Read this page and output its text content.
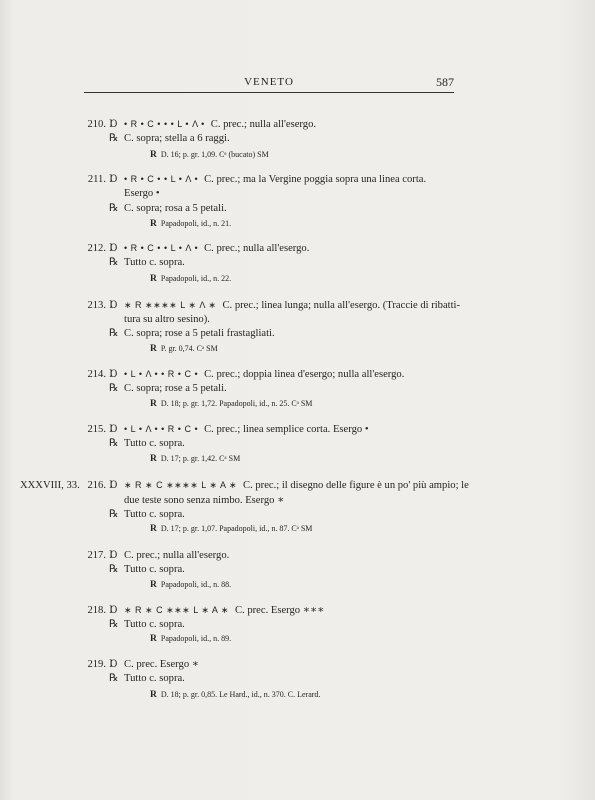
VENETO	587
210. Ɒ • R • C • • • L • Λ • C. prec.; nulla all'esergo.
℞ C. sopra; stella a 6 raggi.
R D. 16; p. gr. 1,09. Cᵉ (bucato) SM
211. Ɒ • R • C • • L • Λ • C. prec.; ma la Vergine poggia sopra una linea corta.
Esergo •
℞ C. sopra; rosa a 5 petali.
R Papadopoli, id., n. 21.
212. Ɒ • R • C • • L • Λ • C. prec.; nulla all'esergo.
℞ Tutto c. sopra.
R Papadopoli, id., n. 22.
213. Ɒ ∗ R ∗∗∗∗ L ∗ Λ ∗ C. prec.; linea lunga; nulla all'esergo. (Traccie di ribatti-
tura su altro sesino).
℞ C. sopra; rose a 5 petali frastagliati.
R P. gr. 0,74. Cᵃ SM
214. Ɒ • L • Λ • • R • C • C. prec.; doppia linea d'esergo; nulla all'esergo.
℞ C. sopra; rose a 5 petali.
R D. 18; p. gr. 1,72. Papadopoli, id., n. 25. Cᵃ SM
215. Ɒ • L • Λ • • R • C • C. prec.; linea semplice corta. Esergo •
℞ Tutto c. sopra.
R D. 17; p. gr. 1,42. Cᵃ SM
216.
XXXVIII, 33.	Ɒ ∗ R ∗ C ∗∗∗∗ L ∗ A ∗ C. prec.; il disegno delle figure è un po' più ampio; le
due teste sono senza nimbo. Esergo ∗
℞ Tutto c. sopra.
R D. 17; p. gr. 1,07. Papadopoli, id., n. 87. Cᵃ SM
217. Ɒ C. prec.; nulla all'esergo.
℞ Tutto c. sopra.
R Papadopoli, id., n. 88.
218. Ɒ ∗ R ∗ C ∗∗∗ L ∗ A ∗ C. prec. Esergo ∗∗∗
℞ Tutto c. sopra.
R Papadopoli, id., n. 89.
219. Ɒ C. prec. Esergo ∗
℞ Tutto c. sopra.
R D. 18; p. gr. 0,85. Le Hard., id., n. 370. C. Lerard.
